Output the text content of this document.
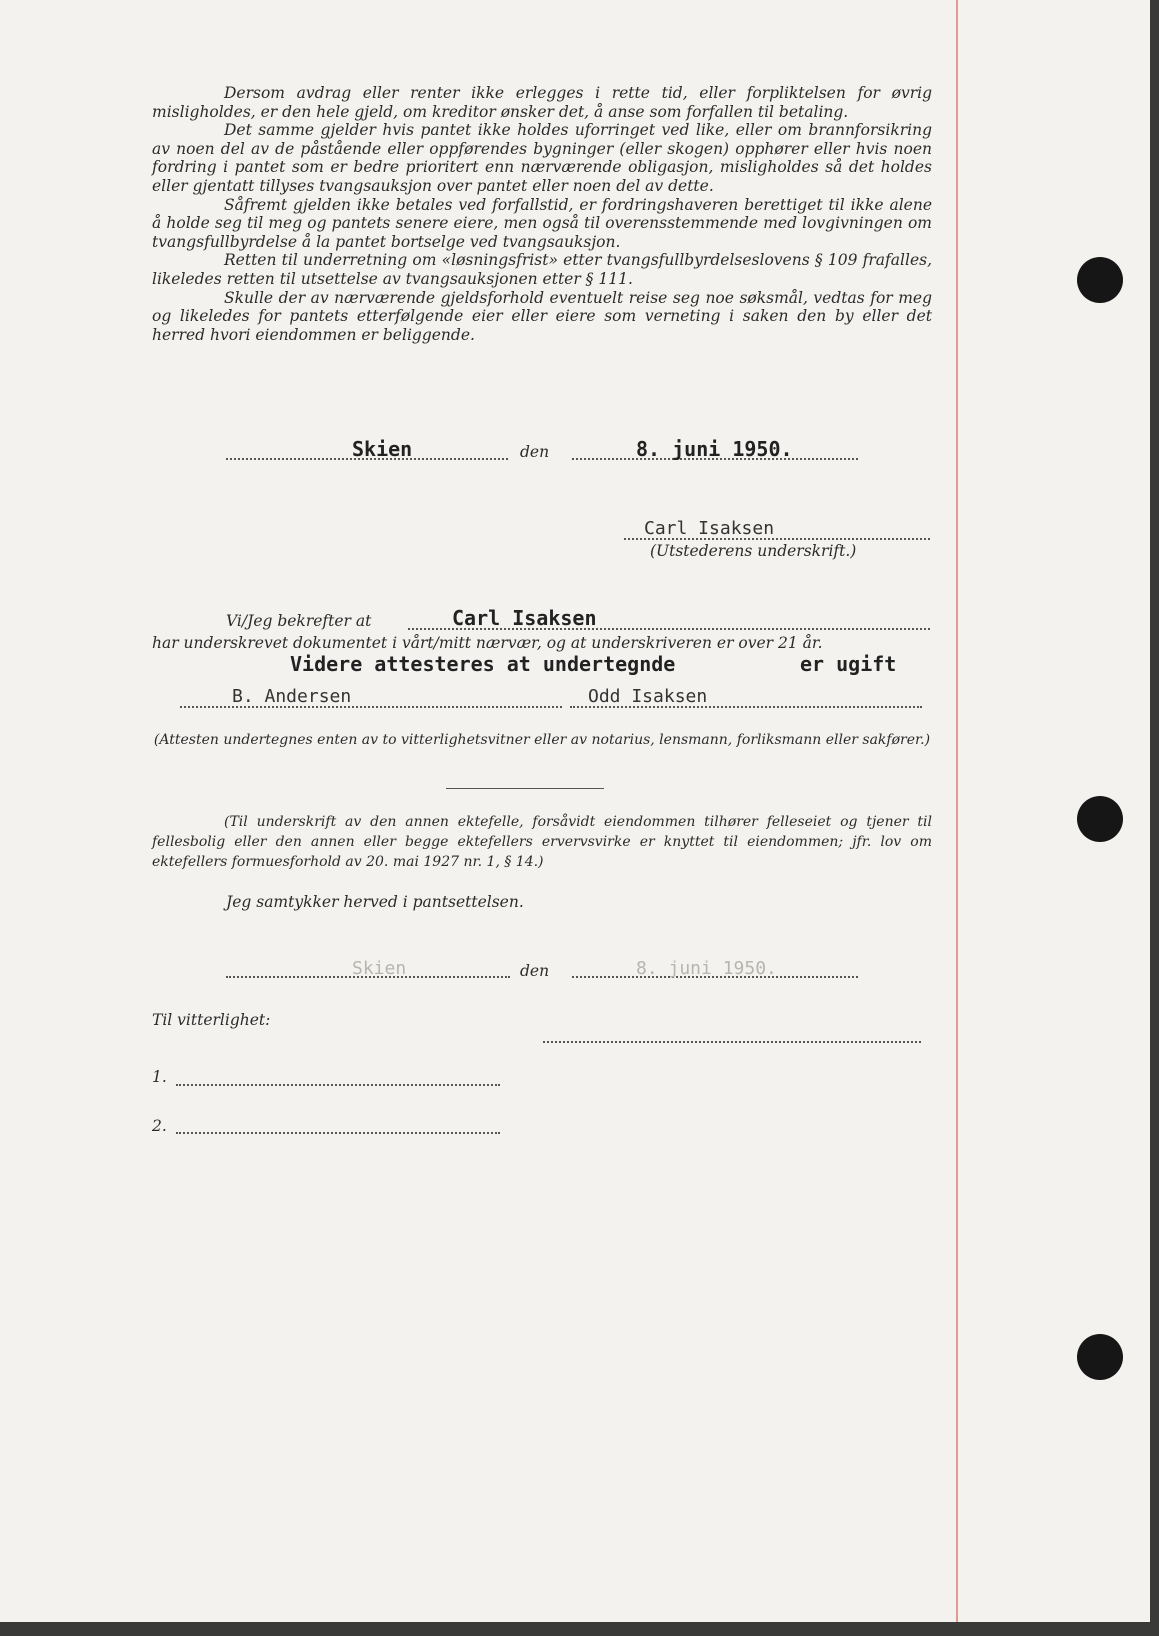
Dersom avdrag eller renter ikke erlegges i rette tid, eller forpliktelsen for øvrig misligholdes, er den hele gjeld, om kreditor ønsker det, å anse som forfallen til betaling.

Det samme gjelder hvis pantet ikke holdes uforringet ved like, eller om brannforsikring av noen del av de påstående eller oppførendes bygninger (eller skogen) opphører eller hvis noen fordring i pantet som er bedre prioritert enn nærværende obligasjon, misligholdes så det holdes eller gjentatt tillyses tvangsauksjon over pantet eller noen del av dette.

Såfremt gjelden ikke betales ved forfallstid, er fordringshaveren berettiget til ikke alene å holde seg til meg og pantets senere eiere, men også til overensstemmende med lovgivningen om tvangsfullbyrdelse å la pantet bortselge ved tvangsauksjon.

Retten til underretning om «løsningsfrist» etter tvangsfullbyrdelseslovens § 109 frafalles, likeledes retten til utsettelse av tvangsauksjonen etter § 111.

Skulle der av nærværende gjeldsforhold eventuelt reise seg noe søksmål, vedtas for meg og likeledes for pantets etterfølgende eier eller eiere som verneting i saken den by eller det herred hvori eiendommen er beliggende.

Skien	den	8. juni 1950.
Carl Isaksen
(Utstederens underskrift.)
Vi/Jeg bekrefter at	Carl Isaksen
har underskrevet dokumentet i vårt/mitt nærvær, og at underskriveren er over 21 år.
Videre attesteres at undertegnde	er ugift
B. Andersen	Odd Isaksen
(Attesten undertegnes enten av to vitterlighetsvitner eller av notarius, lensmann, forliksmann eller sakfører.)

(Til underskrift av den annen ektefelle, forsåvidt eiendommen tilhører felleseiet og tjener til fellesbolig eller den annen eller begge ektefellers ervervsvirke er knyttet til eiendommen; jfr. lov om ektefellers formuesforhold av 20. mai 1927 nr. 1, § 14.)

Jeg samtykker herved i pantsettelsen.
Skien	den	8. juni 1950.
Til vitterlighet:
1.
2.
